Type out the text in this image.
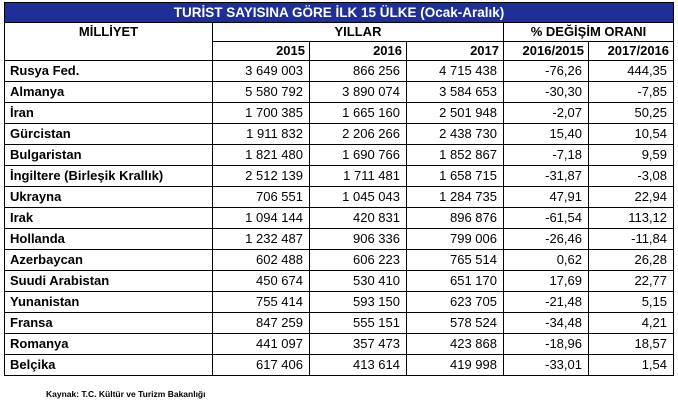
TURİST SAYISINA GÖRE İLK 15 ÜLKE (Ocak-Aralık)					
MİLLİYET	YILLAR			% DEĞİŞİM ORANI	
	2015	2016	2017	2016/2015	2017/2016
Rusya Fed.	3 649 003	866 256	4 715 438	-76,26	444,35
Almanya	5 580 792	3 890 074	3 584 653	-30,30	-7,85
İran	1 700 385	1 665 160	2 501 948	-2,07	50,25
Gürcistan	1 911 832	2 206 266	2 438 730	15,40	10,54
Bulgaristan	1 821 480	1 690 766	1 852 867	-7,18	9,59
İngiltere (Birleşik Krallık)	2 512 139	1 711 481	1 658 715	-31,87	-3,08
Ukrayna	706 551	1 045 043	1 284 735	47,91	22,94
Irak	1 094 144	420 831	896 876	-61,54	113,12
Hollanda	1 232 487	906 336	799 006	-26,46	-11,84
Azerbaycan	602 488	606 223	765 514	0,62	26,28
Suudi Arabistan	450 674	530 410	651 170	17,69	22,77
Yunanistan	755 414	593 150	623 705	-21,48	5,15
Fransa	847 259	555 151	578 524	-34,48	4,21
Romanya	441 097	357 473	423 868	-18,96	18,57
Belçika	617 406	413 614	419 998	-33,01	1,54
Kaynak: T.C. Kültür ve Turizm Bakanlığı
